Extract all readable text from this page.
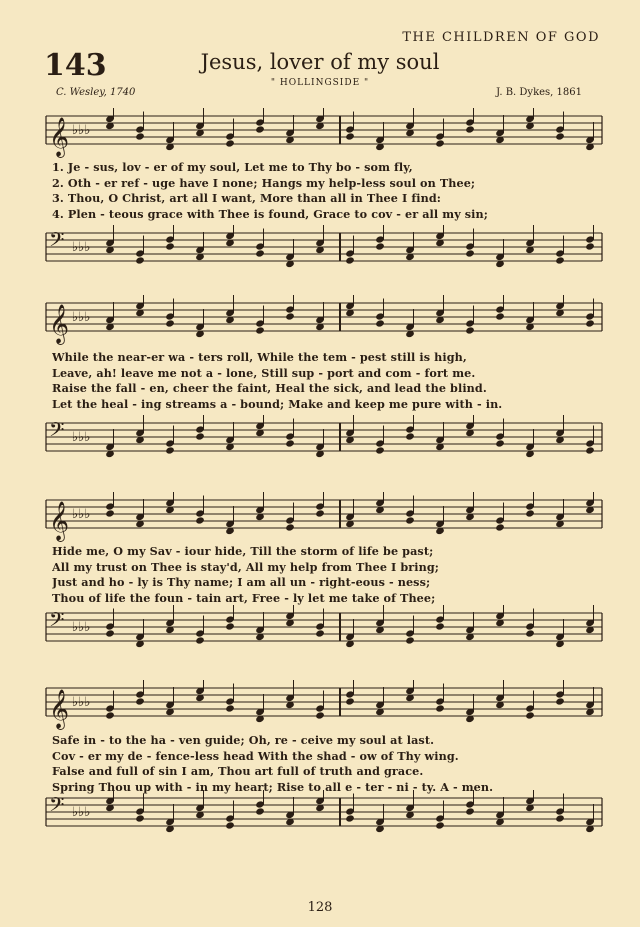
THE CHILDREN OF GOD
143	Jesus, lover of my soul
" HOLLINGSIDE "
C. Wesley, 1740	J. B. Dykes, 1861
𝄞 ♭♭♭
1. Je - sus, lov - er of my soul, Let me to Thy bo - som fly,
2. Oth - er ref - uge have I none; Hangs my help-less soul on Thee;
3. Thou, O Christ, art all I want, More than all in Thee I find:
4. Plen - teous grace with Thee is found, Grace to cov - er all my sin;
𝄢 ♭♭♭
𝄞 ♭♭♭
While the near-er wa - ters roll, While the tem - pest still is high,
Leave, ah! leave me not a - lone, Still sup - port and com - fort me.
Raise the fall - en, cheer the faint, Heal the sick, and lead the blind.
Let the heal - ing streams a - bound; Make and keep me pure with - in.
𝄢 ♭♭♭
𝄞 ♭♭♭
Hide me, O my Sav - iour hide, Till the storm of life be past;
All my trust on Thee is stay'd, All my help from Thee I bring;
Just and ho - ly is Thy name; I am all un - right-eous - ness;
Thou of life the foun - tain art, Free - ly let me take of Thee;
𝄢 ♭♭♭
𝄞 ♭♭♭
Safe in - to the ha - ven guide; Oh, re - ceive my soul at last.
Cov - er my de - fence-less head With the shad - ow of Thy wing.
False and full of sin I am, Thou art full of truth and grace.
Spring Thou up with - in my heart; Rise to all e - ter - ni - ty. A - men.
𝄢 ♭♭♭
128
